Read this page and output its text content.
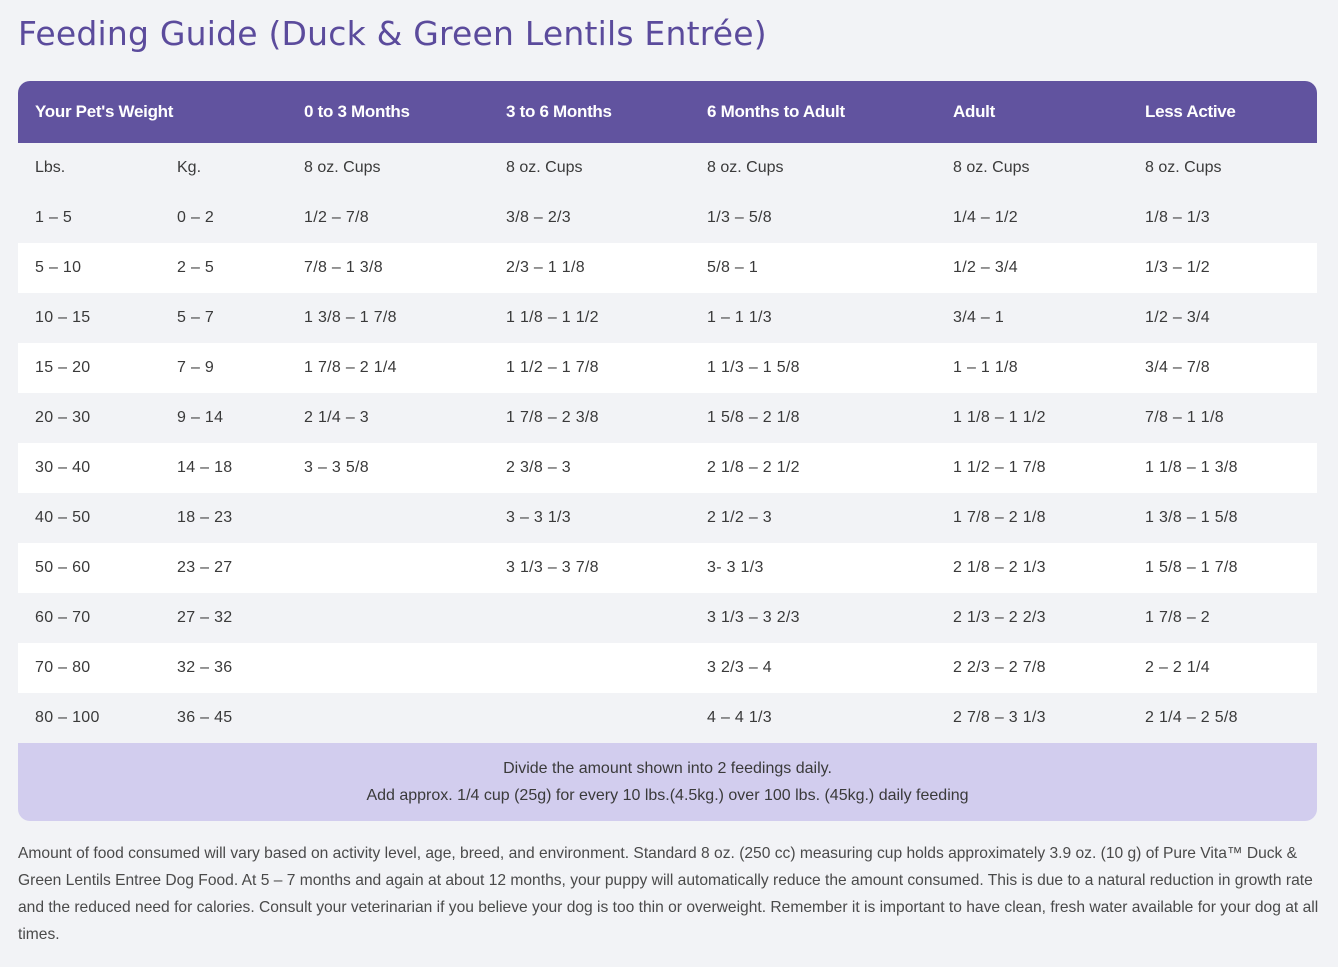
Feeding Guide (Duck & Green Lentils Entrée)
Your Pet's Weight		0 to 3 Months	3 to 6 Months	6 Months to Adult	Adult	Less Active
Lbs.	Kg.	8 oz. Cups	8 oz. Cups	8 oz. Cups	8 oz. Cups	8 oz. Cups
1 – 5	0 – 2	1/2 – 7/8	3/8 – 2/3	1/3 – 5/8	1/4 – 1/2	1/8 – 1/3
5 – 10	2 – 5	7/8 – 1 3/8	2/3 – 1 1/8	5/8 – 1	1/2 – 3/4	1/3 – 1/2
10 – 15	5 – 7	1 3/8 – 1 7/8	1 1/8 – 1 1/2	1 – 1 1/3	3/4 – 1	1/2 – 3/4
15 – 20	7 – 9	1 7/8 – 2 1/4	1 1/2 – 1 7/8	1 1/3 – 1 5/8	1 – 1 1/8	3/4 – 7/8
20 – 30	9 – 14	2 1/4 – 3	1 7/8 – 2 3/8	1 5/8 – 2 1/8	1 1/8 – 1 1/2	7/8 – 1 1/8
30 – 40	14 – 18	3 – 3 5/8	2 3/8 – 3	2 1/8 – 2 1/2	1 1/2 – 1 7/8	1 1/8 – 1 3/8
40 – 50	18 – 23		3 – 3 1/3	2 1/2 – 3	1 7/8 – 2 1/8	1 3/8 – 1 5/8
50 – 60	23 – 27		3 1/3 – 3 7/8	3- 3 1/3	2 1/8 – 2 1/3	1 5/8 – 1 7/8
60 – 70	27 – 32			3 1/3 – 3 2/3	2 1/3 – 2 2/3	1 7/8 – 2
70 – 80	32 – 36			3 2/3 – 4	2 2/3 – 2 7/8	2 – 2 1/4
80 – 100	36 – 45			4 – 4 1/3	2 7/8 – 3 1/3	2 1/4 – 2 5/8
Divide the amount shown into 2 feedings daily.
Add approx. 1/4 cup (25g) for every 10 lbs.(4.5kg.) over 100 lbs. (45kg.) daily feeding

Amount of food consumed will vary based on activity level, age, breed, and environment. Standard 8 oz. (250 cc) measuring cup holds approximately 3.9 oz. (10 g) of Pure Vita™ Duck & Green Lentils Entree Dog Food. At 5 – 7 months and again at about 12 months, your puppy will automatically reduce the amount consumed. This is due to a natural reduction in growth rate and the reduced need for calories. Consult your veterinarian if you believe your dog is too thin or overweight. Remember it is important to have clean, fresh water available for your dog at all times.
